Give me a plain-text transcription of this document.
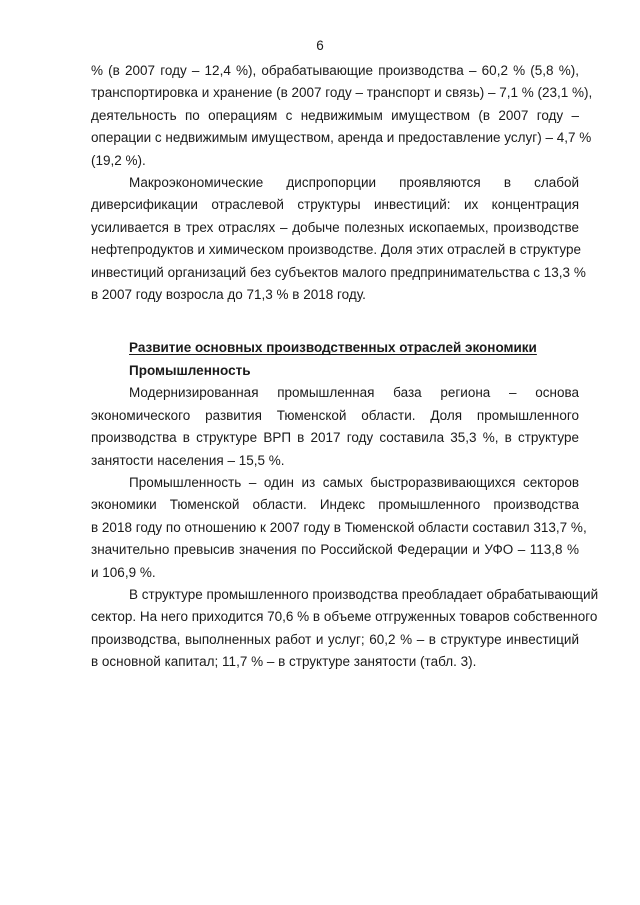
6
% (в 2007 году – 12,4 %), обрабатывающие производства – 60,2 % (5,8 %),
транспортировка и хранение (в 2007 году – транспорт и связь) – 7,1 % (23,1 %),
деятельность по операциям с недвижимым имуществом (в 2007 году –
операции с недвижимым имуществом, аренда и предоставление услуг) – 4,7 %
(19,2 %).
Макроэкономические диспропорции проявляются в слабой
диверсификации отраслевой структуры инвестиций: их концентрация
усиливается в трех отраслях – добыче полезных ископаемых, производстве
нефтепродуктов и химическом производстве. Доля этих отраслей в структуре
инвестиций организаций без субъектов малого предпринимательства с 13,3 %
в 2007 году возросла до 71,3 % в 2018 году.
Развитие основных производственных отраслей экономики
Промышленность
Модернизированная промышленная база региона – основа
экономического развития Тюменской области. Доля промышленного
производства в структуре ВРП в 2017 году составила 35,3 %, в структуре
занятости населения – 15,5 %.
Промышленность – один из самых быстроразвивающихся секторов
экономики Тюменской области. Индекс промышленного производства
в 2018 году по отношению к 2007 году в Тюменской области составил 313,7 %,
значительно превысив значения по Российской Федерации и УФО – 113,8 %
и 106,9 %.
В структуре промышленного производства преобладает обрабатывающий
сектор. На него приходится 70,6 % в объеме отгруженных товаров собственного
производства, выполненных работ и услуг; 60,2 % – в структуре инвестиций
в основной капитал; 11,7 % – в структуре занятости (табл. 3).
